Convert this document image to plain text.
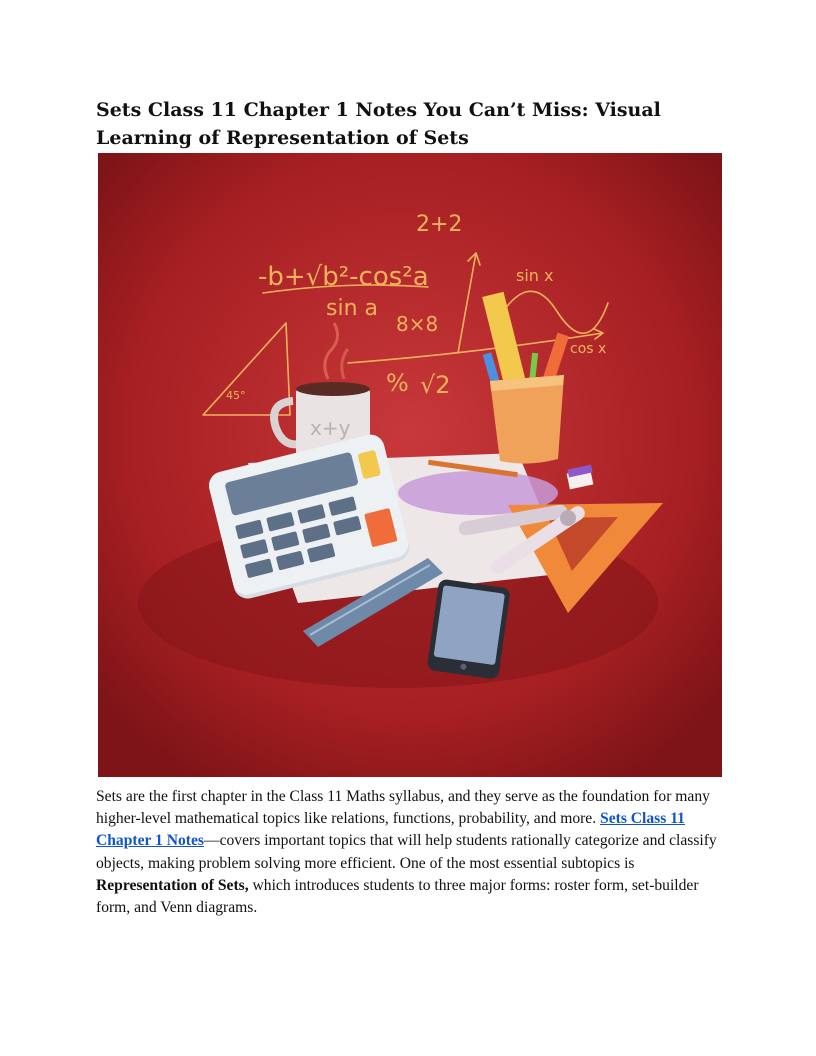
Sets Class 11 Chapter 1 Notes You Can’t Miss: Visual Learning of Representation of Sets
2+2
-b+√b²-cos²a
sin a
8×8
sin x
cos x
% √2
45°
x+y

Sets are the first chapter in the Class 11 Maths syllabus, and they serve as the foundation for many higher-level mathematical topics like relations, functions, probability, and more. Sets Class 11 Chapter 1 Notes—covers important topics that will help students rationally categorize and classify objects, making problem solving more efficient. One of the most essential subtopics is Representation of Sets, which introduces students to three major forms: roster form, set-builder form, and Venn diagrams.
